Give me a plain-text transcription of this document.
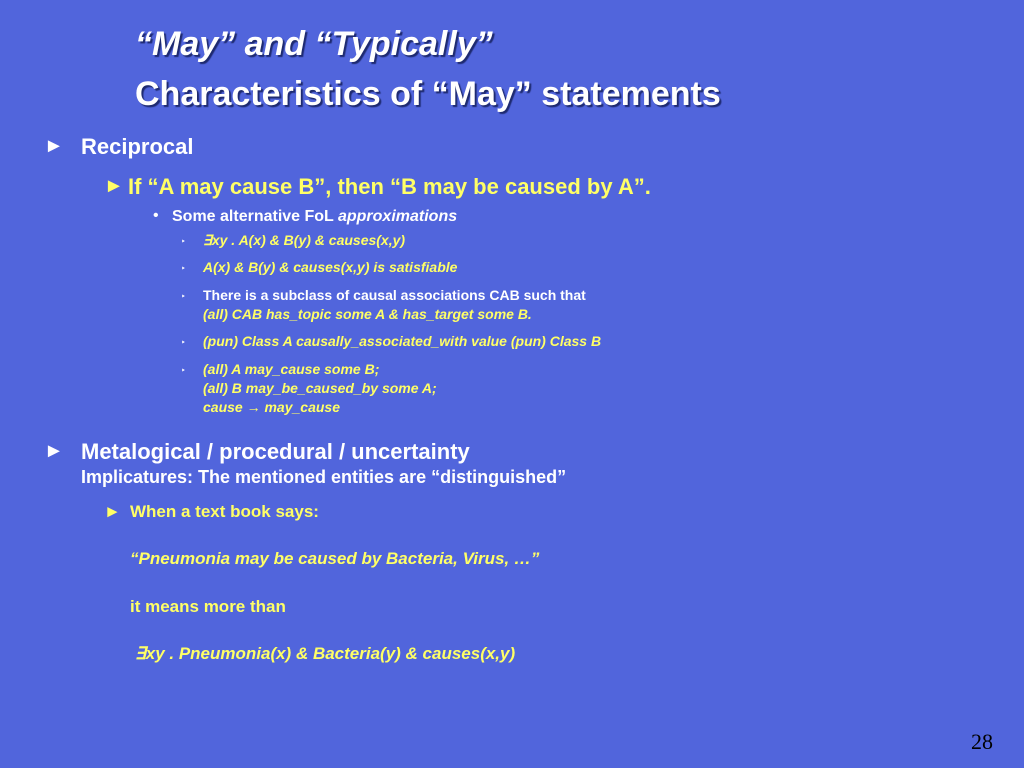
“May” and “Typically”
Characteristics of “May” statements
► Reciprocal
► If “A may cause B”, then “B may be caused by A”.
• Some alternative FoL approximations
‣ ∃xy . A(x) & B(y) & causes(x,y)
‣ A(x) & B(y) & causes(x,y) is satisfiable
‣ There is a subclass of causal associations CAB such that
(all) CAB has_topic some A & has_target some B.
‣ (pun) Class A causally_associated_with value (pun) Class B
‣ (all) A may_cause some B;
(all) B may_be_caused_by some A;
cause → may_cause
► Metalogical / procedural / uncertainty
Implicatures: The mentioned entities are “distinguished”
► When a text book says:
“Pneumonia may be caused by Bacteria, Virus, …”
it means more than
∃xy . Pneumonia(x) & Bacteria(y) & causes(x,y)
28
